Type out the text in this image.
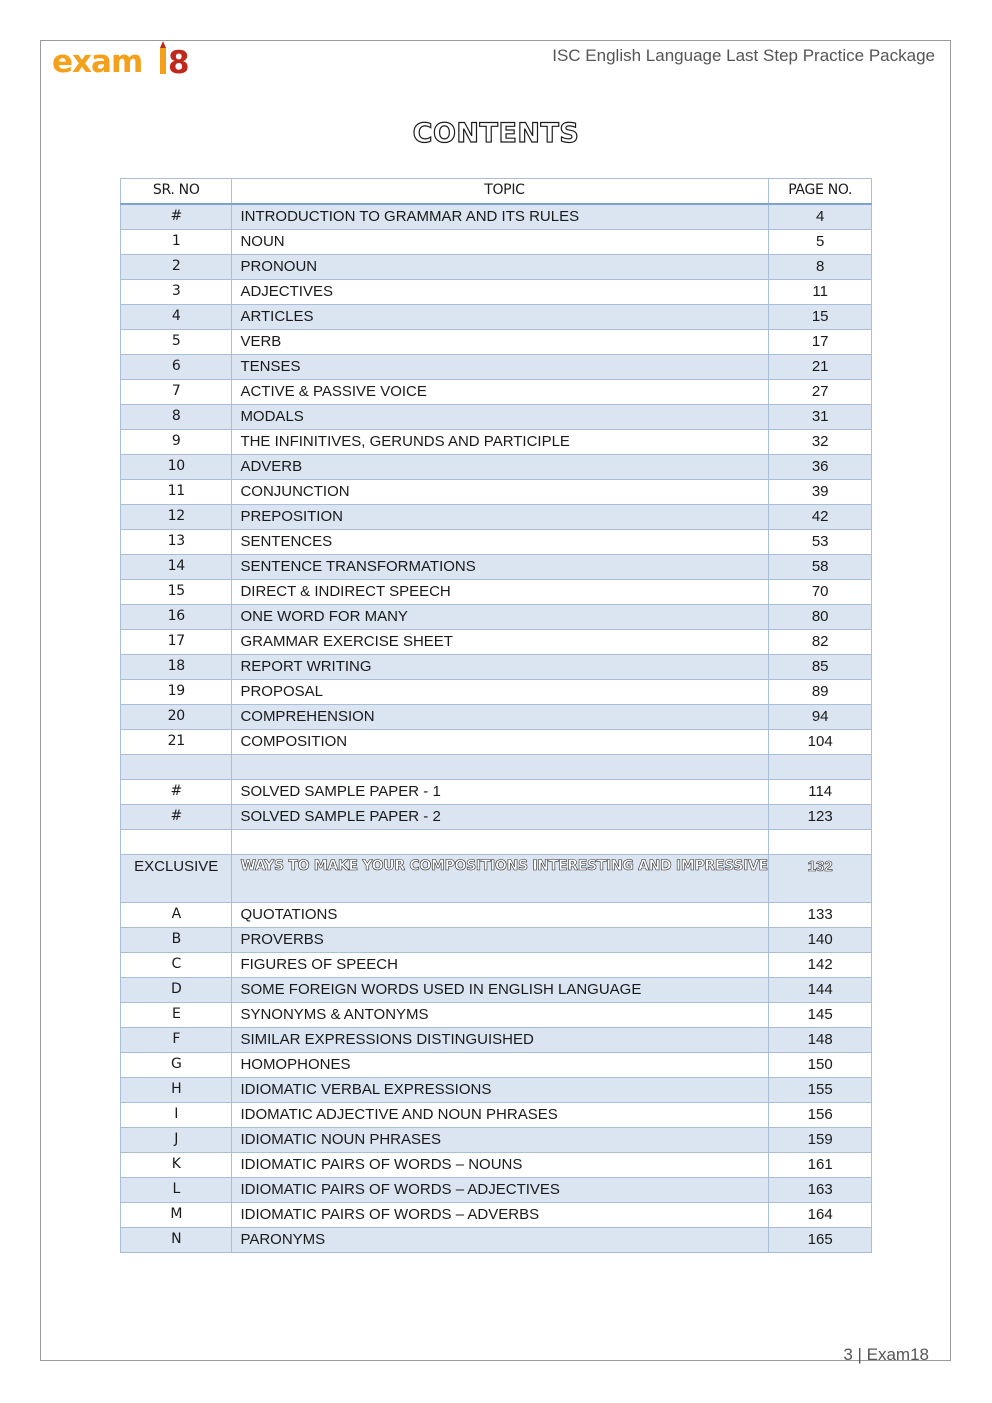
exam 8	ISC English Language Last Step Practice Package
CONTENTS
SR. NO	TOPIC	PAGE NO.
#	INTRODUCTION TO GRAMMAR AND ITS RULES	4
1	NOUN	5
2	PRONOUN	8
3	ADJECTIVES	11
4	ARTICLES	15
5	VERB	17
6	TENSES	21
7	ACTIVE & PASSIVE VOICE	27
8	MODALS	31
9	THE INFINITIVES, GERUNDS AND PARTICIPLE	32
10	ADVERB	36
11	CONJUNCTION	39
12	PREPOSITION	42
13	SENTENCES	53
14	SENTENCE TRANSFORMATIONS	58
15	DIRECT & INDIRECT SPEECH	70
16	ONE WORD FOR MANY	80
17	GRAMMAR EXERCISE SHEET	82
18	REPORT WRITING	85
19	PROPOSAL	89
20	COMPREHENSION	94
21	COMPOSITION	104

#	SOLVED SAMPLE PAPER - 1	114
#	SOLVED SAMPLE PAPER - 2	123

EXCLUSIVE	WAYS TO MAKE YOUR COMPOSITIONS INTERESTING AND IMPRESSIVE	132
A	QUOTATIONS	133
B	PROVERBS	140
C	FIGURES OF SPEECH	142
D	SOME FOREIGN WORDS USED IN ENGLISH LANGUAGE	144
E	SYNONYMS & ANTONYMS	145
F	SIMILAR EXPRESSIONS DISTINGUISHED	148
G	HOMOPHONES	150
H	IDIOMATIC VERBAL EXPRESSIONS	155
I	IDOMATIC ADJECTIVE AND NOUN PHRASES	156
J	IDIOMATIC NOUN PHRASES	159
K	IDIOMATIC PAIRS OF WORDS – NOUNS	161
L	IDIOMATIC PAIRS OF WORDS – ADJECTIVES	163
M	IDIOMATIC PAIRS OF WORDS – ADVERBS	164
N	PARONYMS	165
3 | Exam18
